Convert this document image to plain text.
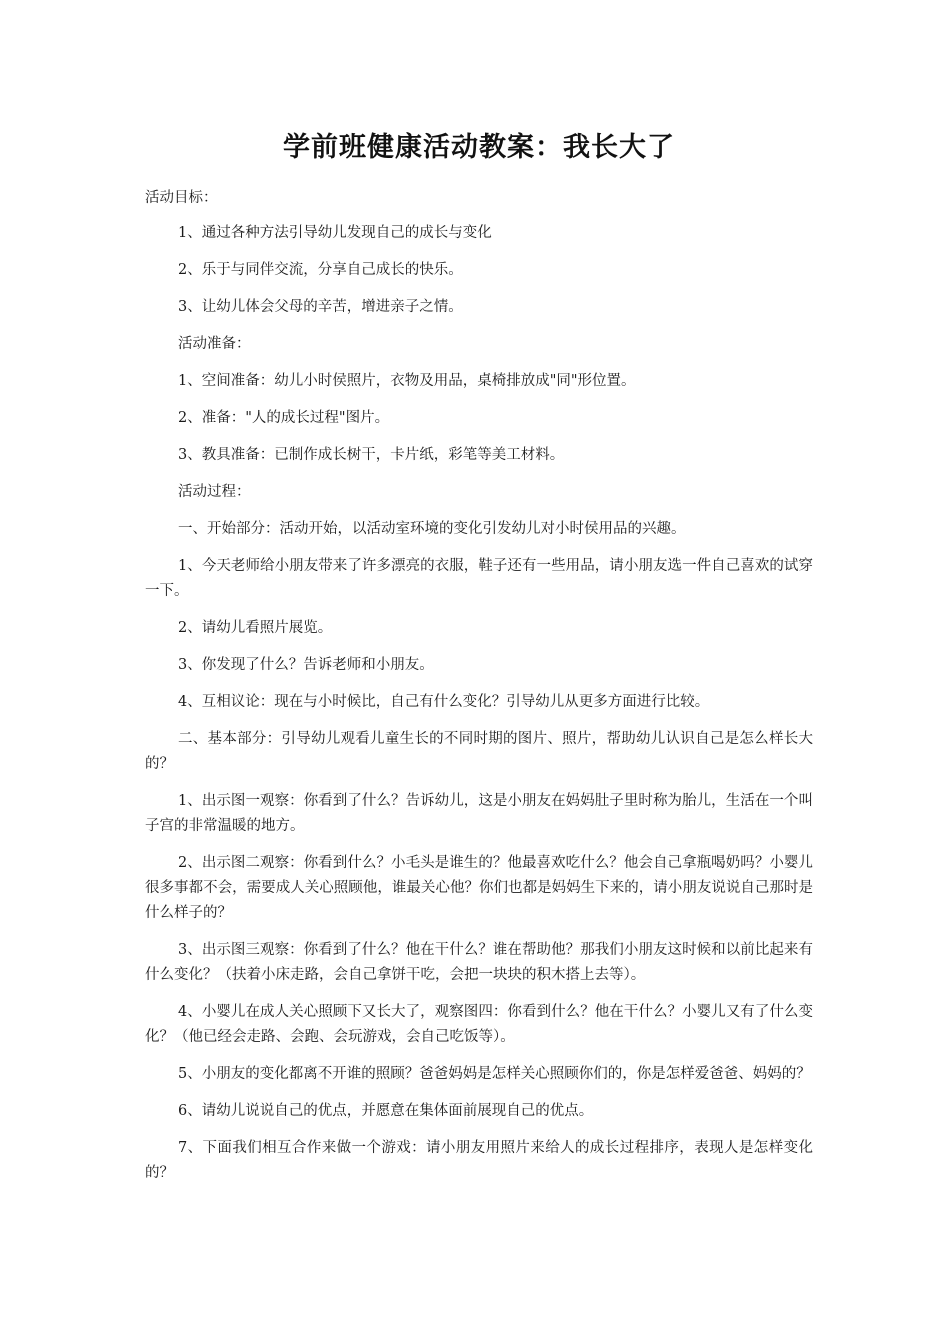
学前班健康活动教案：我长大了

活动目标：

1、通过各种方法引导幼儿发现自己的成长与变化

2、乐于与同伴交流，分享自己成长的快乐。

3、让幼儿体会父母的辛苦，增进亲子之情。

活动准备：

1、空间准备：幼儿小时侯照片，衣物及用品，桌椅排放成"同"形位置。

2、准备："人的成长过程"图片。

3、教具准备：已制作成长树干，卡片纸，彩笔等美工材料。

活动过程：

一、开始部分：活动开始，以活动室环境的变化引发幼儿对小时侯用品的兴趣。

1、今天老师给小朋友带来了许多漂亮的衣服，鞋子还有一些用品，请小朋友选一件自己喜欢的试穿一下。

2、请幼儿看照片展览。

3、你发现了什么？告诉老师和小朋友。

4、互相议论：现在与小时候比，自己有什么变化？引导幼儿从更多方面进行比较。

二、基本部分：引导幼儿观看儿童生长的不同时期的图片、照片，帮助幼儿认识自己是怎么样长大的？

1、出示图一观察：你看到了什么？告诉幼儿，这是小朋友在妈妈肚子里时称为胎儿，生活在一个叫子宫的非常温暖的地方。

2、出示图二观察：你看到什么？小毛头是谁生的？他最喜欢吃什么？他会自己拿瓶喝奶吗？小婴儿很多事都不会，需要成人关心照顾他，谁最关心他？你们也都是妈妈生下来的，请小朋友说说自己那时是什么样子的？

3、出示图三观察：你看到了什么？他在干什么？谁在帮助他？那我们小朋友这时候和以前比起来有什么变化？（扶着小床走路，会自己拿饼干吃，会把一块块的积木搭上去等）。

4、小婴儿在成人关心照顾下又长大了，观察图四：你看到什么？他在干什么？小婴儿又有了什么变化？（他已经会走路、会跑、会玩游戏，会自己吃饭等）。

5、小朋友的变化都离不开谁的照顾？爸爸妈妈是怎样关心照顾你们的，你是怎样爱爸爸、妈妈的？

6、请幼儿说说自己的优点，并愿意在集体面前展现自己的优点。

7、下面我们相互合作来做一个游戏：请小朋友用照片来给人的成长过程排序，表现人是怎样变化的？
